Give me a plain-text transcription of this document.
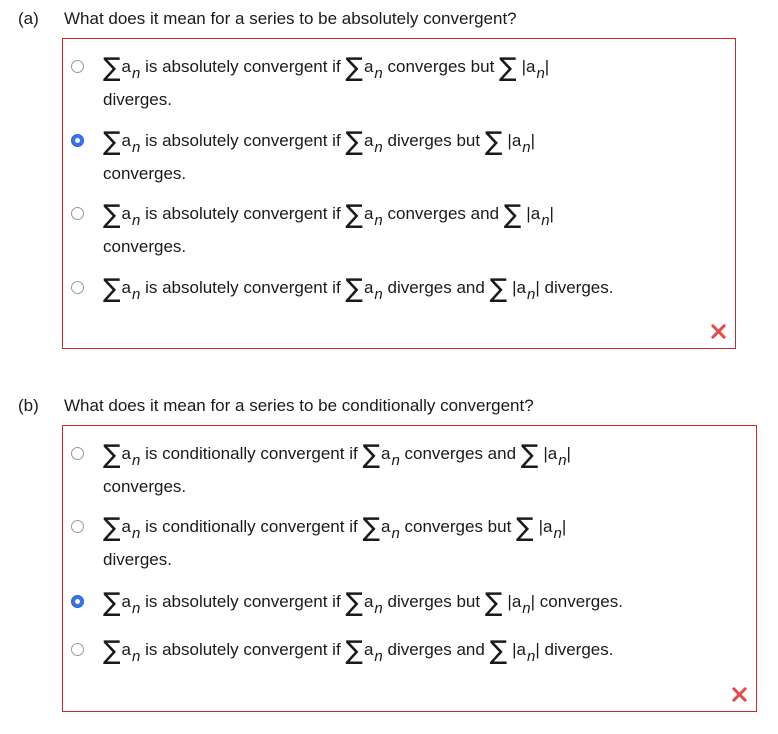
(a) What does it mean for a series to be absolutely convergent?
∑an is absolutely convergent if ∑an converges but ∑ |an|
diverges.
∑an is absolutely convergent if ∑an diverges but ∑ |an|
converges.
∑an is absolutely convergent if ∑an converges and ∑ |an|
converges.
∑an is absolutely convergent if ∑an diverges and ∑ |an| diverges.
(b) What does it mean for a series to be conditionally convergent?
∑an is conditionally convergent if ∑an converges and ∑ |an|
converges.
∑an is conditionally convergent if ∑an converges but ∑ |an|
diverges.
∑an is absolutely convergent if ∑an diverges but ∑ |an| converges.
∑an is absolutely convergent if ∑an diverges and ∑ |an| diverges.
